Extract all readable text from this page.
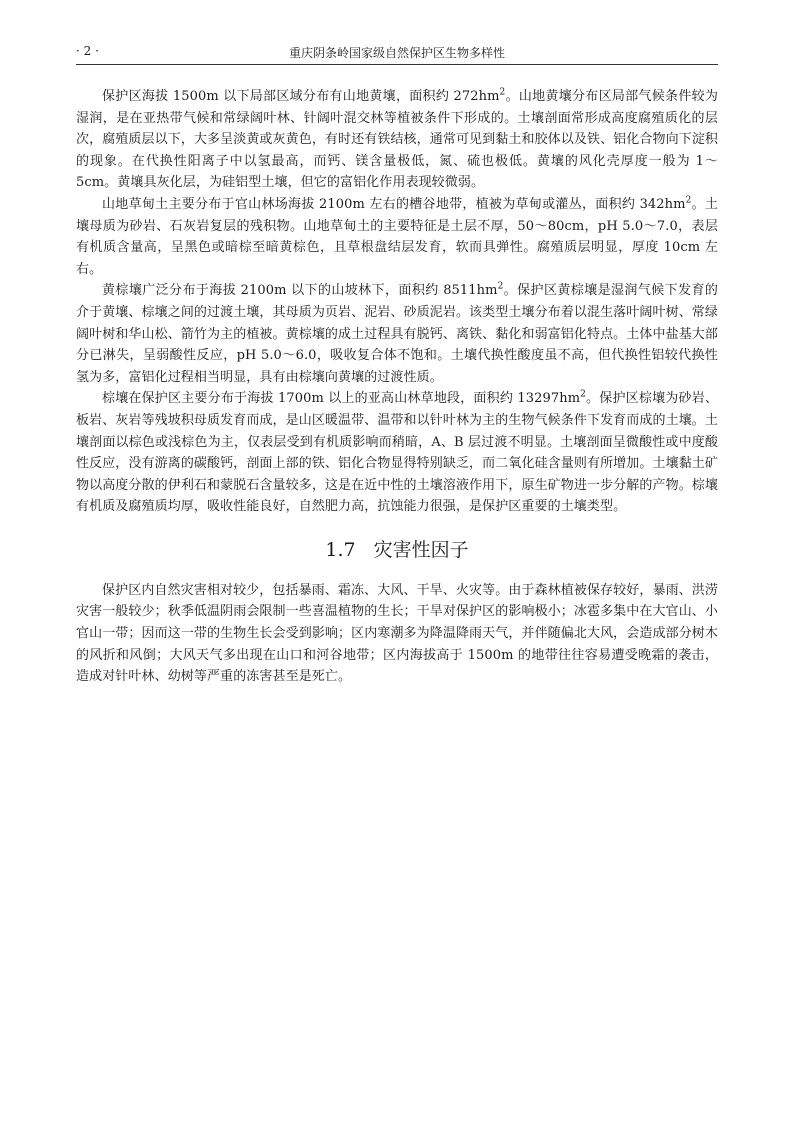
· 2 ·	重庆阴条岭国家级自然保护区生物多样性

保护区海拔 1500m 以下局部区域分布有山地黄壤，面积约 $272hm^2$。山地黄壤分布区局部气候条件较为湿润，是在亚热带气候和常绿阔叶林、针阔叶混交林等植被条件下形成的。土壤剖面常形成高度腐殖质化的层次，腐殖质层以下，大多呈淡黄或灰黄色，有时还有铁结核，通常可见到黏土和胶体以及铁、铝化合物向下淀积的现象。在代换性阳离子中以氢最高，而钙、镁含量极低，氮、硫也极低。黄壤的风化壳厚度一般为 1～5cm。黄壤具灰化层，为硅铝型土壤，但它的富铝化作用表现较微弱。

山地草甸土主要分布于官山林场海拔 2100m 左右的槽谷地带，植被为草甸或灌丛，面积约 $342hm^2$。土壤母质为砂岩、石灰岩复层的残积物。山地草甸土的主要特征是土层不厚，50～80cm，pH 5.0～7.0，表层有机质含量高，呈黑色或暗棕至暗黄棕色，且草根盘结层发育，软而具弹性。腐殖质层明显，厚度 10cm 左右。

黄棕壤广泛分布于海拔 2100m 以下的山坡林下，面积约 $8511hm^2$。保护区黄棕壤是湿润气候下发育的介于黄壤、棕壤之间的过渡土壤，其母质为页岩、泥岩、砂质泥岩。该类型土壤分布着以混生落叶阔叶树、常绿阔叶树和华山松、箭竹为主的植被。黄棕壤的成土过程具有脱钙、离铁、黏化和弱富铝化特点。土体中盐基大部分已淋失，呈弱酸性反应，pH 5.0～6.0，吸收复合体不饱和。土壤代换性酸度虽不高，但代换性铝较代换性氢为多，富铝化过程相当明显，具有由棕壤向黄壤的过渡性质。

棕壤在保护区主要分布于海拔 1700m 以上的亚高山林草地段，面积约 $13297hm^2$。保护区棕壤为砂岩、板岩、灰岩等残坡积母质发育而成，是山区暖温带、温带和以针叶林为主的生物气候条件下发育而成的土壤。土壤剖面以棕色或浅棕色为主，仅表层受到有机质影响而稍暗，A、B 层过渡不明显。土壤剖面呈微酸性或中度酸性反应，没有游离的碳酸钙，剖面上部的铁、铝化合物显得特别缺乏，而二氧化硅含量则有所增加。土壤黏土矿物以高度分散的伊利石和蒙脱石含量较多，这是在近中性的土壤溶液作用下，原生矿物进一步分解的产物。棕壤有机质及腐殖质均厚，吸收性能良好，自然肥力高，抗蚀能力很强，是保护区重要的土壤类型。

1.7 灾害性因子

保护区内自然灾害相对较少，包括暴雨、霜冻、大风、干旱、火灾等。由于森林植被保存较好，暴雨、洪涝灾害一般较少；秋季低温阴雨会限制一些喜温植物的生长；干旱对保护区的影响极小；冰雹多集中在大官山、小官山一带；因而这一带的生物生长会受到影响；区内寒潮多为降温降雨天气，并伴随偏北大风，会造成部分树木的风折和风倒；大风天气多出现在山口和河谷地带；区内海拔高于 1500m 的地带往往容易遭受晚霜的袭击，造成对针叶林、幼树等严重的冻害甚至是死亡。
